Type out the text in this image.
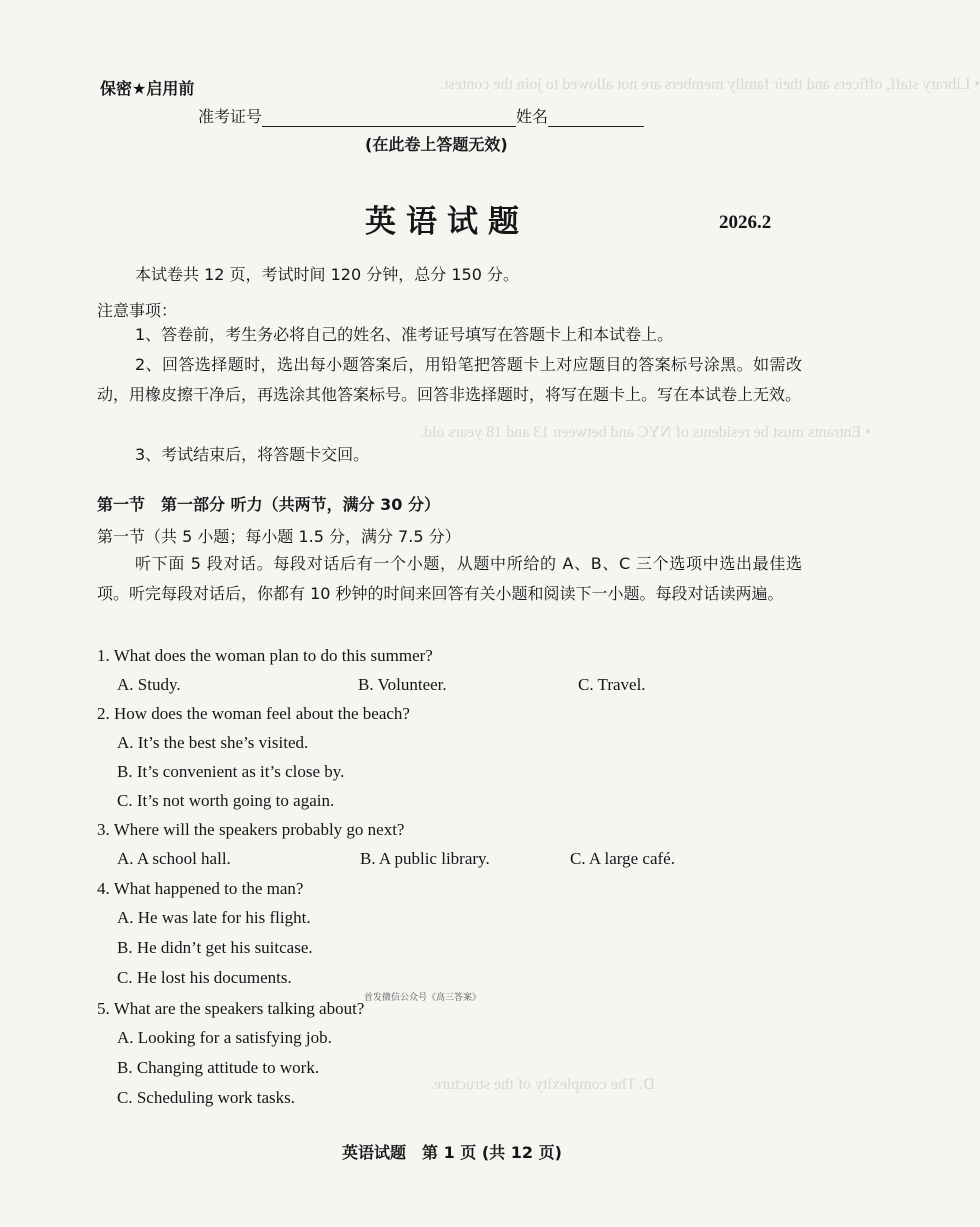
• Library staff, officers and their family members are not allowed to join the contest.
• Entrants must be residents of NYC and between 13 and 18 years old.
D. The complexity of the structure.
保密★启用前
准考证号	姓名
(在此卷上答题无效)
英语试题	2026.2
本试卷共 12 页，考试时间 120 分钟，总分 150 分。
注意事项：
1、答卷前，考生务必将自己的姓名、准考证号填写在答题卡上和本试卷上。
2、回答选择题时，选出每小题答案后，用铅笔把答题卡上对应题目的答案标号涂黑。如需改动，用橡皮擦干净后，再选涂其他答案标号。回答非选择题时，将写在题卡上。写在本试卷上无效。
3、考试结束后，将答题卡交回。
第一节　第一部分 听力（共两节，满分 30 分）
第一节（共 5 小题；每小题 1.5 分，满分 7.5 分）
听下面 5 段对话。每段对话后有一个小题，从题中所给的 A、B、C 三个选项中选出最佳选项。听完每段对话后，你都有 10 秒钟的时间来回答有关小题和阅读下一小题。每段对话读两遍。
1. What does the woman plan to do this summer?
A. Study.	B. Volunteer.	C. Travel.
2. How does the woman feel about the beach?
A. It’s the best she’s visited.
B. It’s convenient as it’s close by.
C. It’s not worth going to again.
3. Where will the speakers probably go next?
A. A school hall.	B. A public library.	C. A large café.
4. What happened to the man?
A. He was late for his flight.
B. He didn’t get his suitcase.
C. He lost his documents.
5. What are the speakers talking about?
A. Looking for a satisfying job.
B. Changing attitude to work.
C. Scheduling work tasks.
首发微信公众号《高三答案》
英语试题　第 1 页 (共 12 页)
